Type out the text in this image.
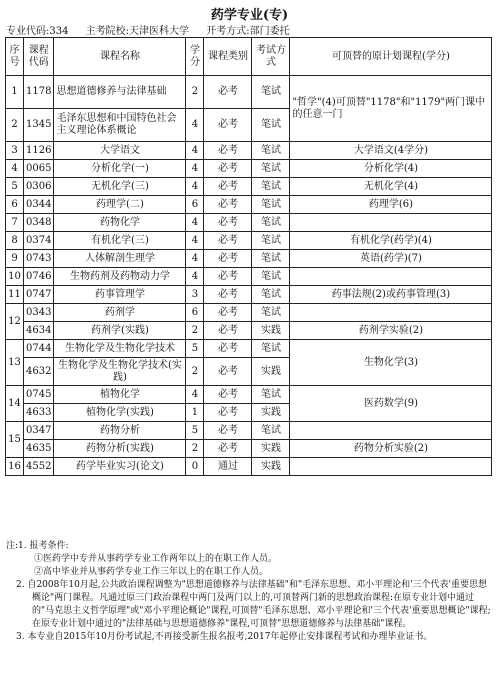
药学专业(专)
专业代码:334 主考院校:天津医科大学 开考方式:部门委托
序号	课程代码	课程名称	学分	课程类别	考试方式	可顶替的原计划课程(学分)
1	1178	思想道德修养与法律基础	2	必考	笔试	"哲学"(4)可顶替"1178"和"1179"两门课中的任意一门
2	1345	毛泽东思想和中国特色社会主义理论体系概论	4	必考	笔试	
3	1126	大学语文	4	必考	笔试	大学语文(4学分)
4	0065	分析化学(一)	4	必考	笔试	分析化学(4)
5	0306	无机化学(三)	4	必考	笔试	无机化学(4)
6	0344	药理学(二)	6	必考	笔试	药理学(6)
7	0348	药物化学	4	必考	笔试	
8	0374	有机化学(三)	4	必考	笔试	有机化学(药学)(4)
9	0743	人体解剖生理学	4	必考	笔试	英语(药学)(7)
10	0746	生物药剂及药物动力学	4	必考	笔试	
11	0747	药事管理学	3	必考	笔试	药事法规(2)或药事管理(3)
12	0343	药剂学	6	必考	笔试	
	4634	药剂学(实践)	2	必考	实践	药剂学实验(2)
13	0744	生物化学及生物化学技术	5	必考	笔试	生物化学(3)
	4632	生物化学及生物化学技术(实践)	2	必考	实践	
14	0745	植物化学	4	必考	笔试	医药数学(9)
	4633	植物化学(实践)	1	必考	实践	
15	0347	药物分析	5	必考	笔试	
	4635	药物分析(实践)	2	必考	实践	药物分析实验(2)
16	4552	药学毕业实习(论文)	0	通过	实践	

注:1. 报考条件:

①医药学中专并从事药学专业工作两年以上的在职工作人员。

②高中毕业并从事药学专业工作三年以上的在职工作人员。

2. 自2008年10月起,公共政治课程调整为"思想道德修养与法律基础"和"毛泽东思想、邓小平理论和'三个代表'重要思想概论"两门课程。凡通过原三门政治课程中两门及两门以上的,可顶替两门新的思想政治课程:在原专业计划中通过的"马克思主义哲学原理"或"邓小平理论概论"课程,可顶替"毛泽东思想、邓小平理论和'三个代表'重要思想概论"课程;在原专业计划中通过的"法律基础与思想道德修养"课程,可顶替"思想道德修养与法律基础"课程。

3. 本专业自2015年10月份考试起,不再接受新生报名报考,2017年起停止安排课程考试和办理毕业证书。
